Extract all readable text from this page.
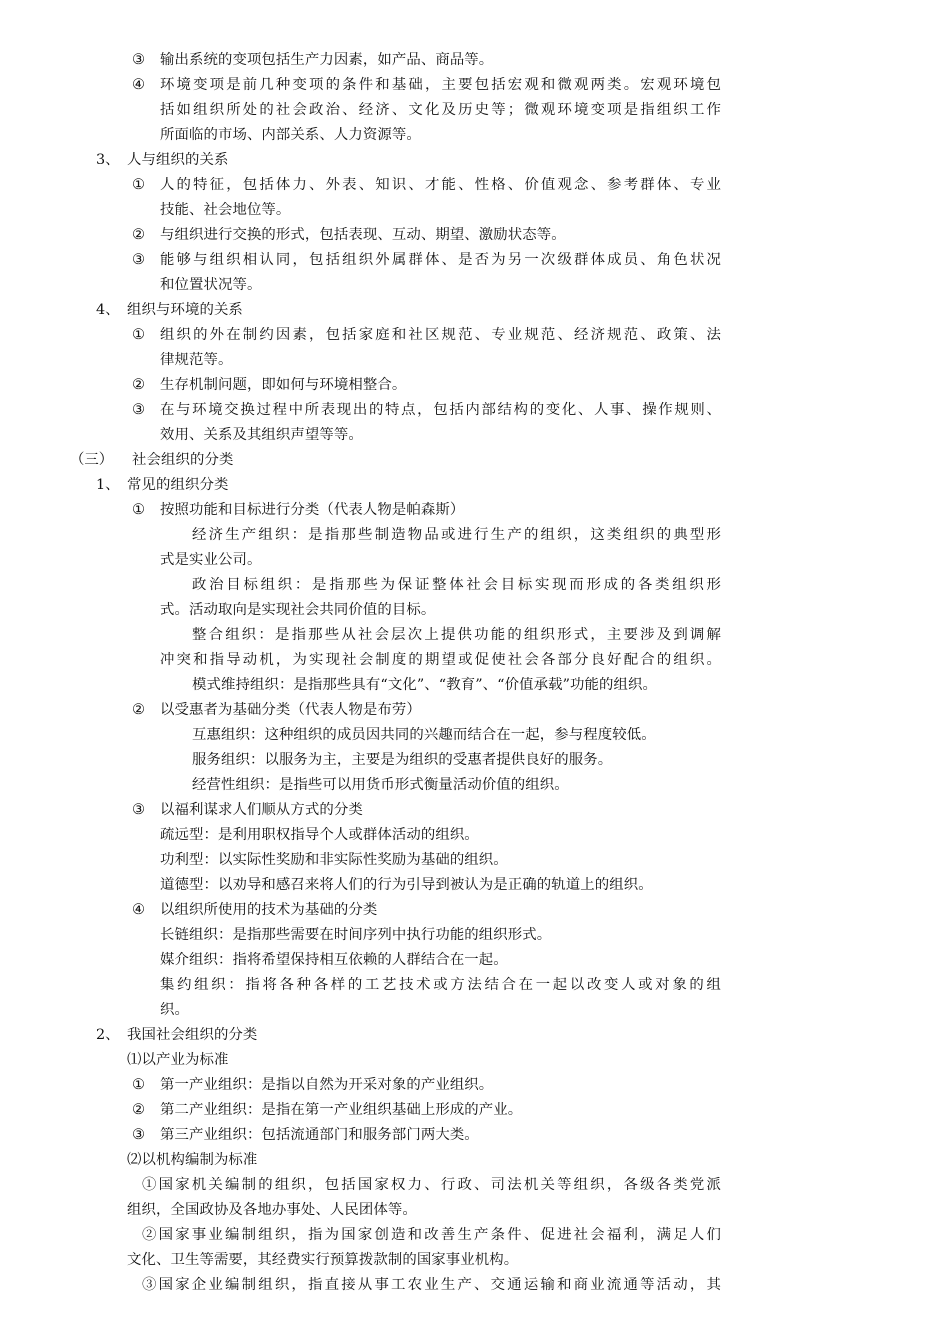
③ 输出系统的变项包括生产力因素，如产品、商品等。
④ 环境变项是前几种变项的条件和基础，主要包括宏观和微观两类。宏观环境包
括如组织所处的社会政治、经济、文化及历史等；微观环境变项是指组织工作
所面临的市场、内部关系、人力资源等。
3、 人与组织的关系
① 人的特征，包括体力、外表、知识、才能、性格、价值观念、参考群体、专业
技能、社会地位等。
② 与组织进行交换的形式，包括表现、互动、期望、激励状态等。
③ 能够与组织相认同，包括组织外属群体、是否为另一次级群体成员、角色状况
和位置状况等。
4、 组织与环境的关系
① 组织的外在制约因素，包括家庭和社区规范、专业规范、经济规范、政策、法
律规范等。
② 生存机制问题，即如何与环境相整合。
③ 在与环境交换过程中所表现出的特点，包括内部结构的变化、人事、操作规则、
效用、关系及其组织声望等等。
（三） 社会组织的分类
1、 常见的组织分类
① 按照功能和目标进行分类（代表人物是帕森斯）
经济生产组织：是指那些制造物品或进行生产的组织，这类组织的典型形
式是实业公司。
政治目标组织：是指那些为保证整体社会目标实现而形成的各类组织形
式。活动取向是实现社会共同价值的目标。
整合组织：是指那些从社会层次上提供功能的组织形式，主要涉及到调解
冲突和指导动机，为实现社会制度的期望或促使社会各部分良好配合的组织。
模式维持组织：是指那些具有“文化”、“教育”、“价值承载”功能的组织。
② 以受惠者为基础分类（代表人物是布劳）
互惠组织：这种组织的成员因共同的兴趣而结合在一起，参与程度较低。
服务组织：以服务为主，主要是为组织的受惠者提供良好的服务。
经营性组织：是指些可以用货币形式衡量活动价值的组织。
③ 以福利谋求人们顺从方式的分类
疏远型：是利用职权指导个人或群体活动的组织。
功利型：以实际性奖励和非实际性奖励为基础的组织。
道德型：以劝导和感召来将人们的行为引导到被认为是正确的轨道上的组织。
④ 以组织所使用的技术为基础的分类
长链组织：是指那些需要在时间序列中执行功能的组织形式。
媒介组织：指将希望保持相互依赖的人群结合在一起。
集约组织：指将各种各样的工艺技术或方法结合在一起以改变人或对象的组
织。
2、 我国社会组织的分类
⑴以产业为标准
① 第一产业组织：是指以自然为开采对象的产业组织。
② 第二产业组织：是指在第一产业组织基础上形成的产业。
③ 第三产业组织：包括流通部门和服务部门两大类。
⑵以机构编制为标准
①国家机关编制的组织，包括国家权力、行政、司法机关等组织，各级各类党派
组织，全国政协及各地办事处、人民团体等。
②国家事业编制组织，指为国家创造和改善生产条件、促进社会福利，满足人们
文化、卫生等需要，其经费实行预算拨款制的国家事业机构。
③国家企业编制组织，指直接从事工农业生产、交通运输和商业流通等活动，其
